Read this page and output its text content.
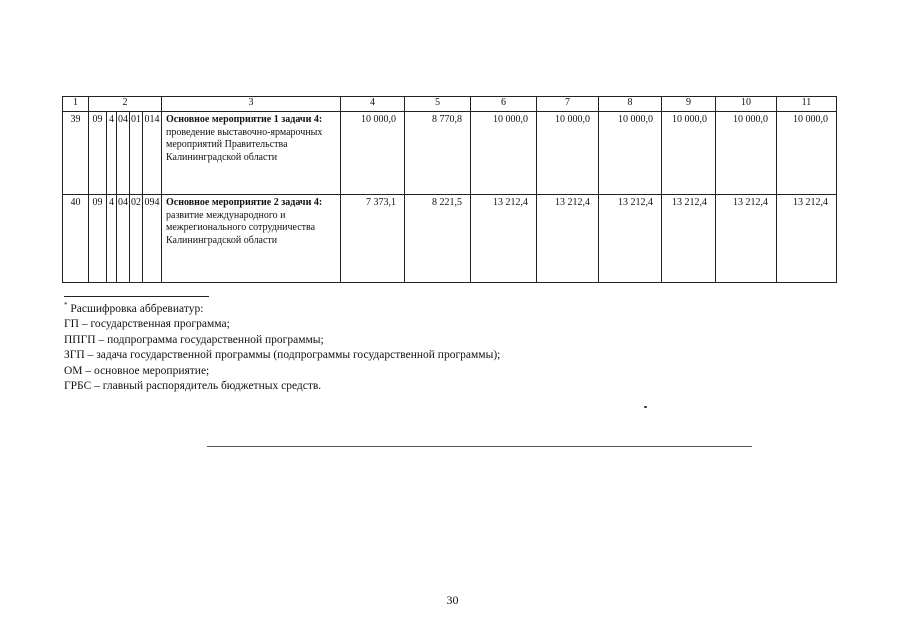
1	2					3	4	5	6	7	8	9	10	11
39	09	4	04	01	014	Основное мероприятие 1 задачи 4:
проведение выставочно-ярмарочных мероприятий Правительства Калининградской области	10 000,0	8 770,8	10 000,0	10 000,0	10 000,0	10 000,0	10 000,0	10 000,0
40	09	4	04	02	094	Основное мероприятие 2 задачи 4:
развитие международного и межрегионального сотрудничества Калининградской области	7 373,1	8 221,5	13 212,4	13 212,4	13 212,4	13 212,4	13 212,4	13 212,4
* Расшифровка аббревиатур:
ГП – государственная программа;
ППГП – подпрограмма государственной программы;
ЗГП – задача государственной программы (подпрограммы государственной программы);
ОМ – основное мероприятие;
ГРБС – главный распорядитель бюджетных средств.
30
